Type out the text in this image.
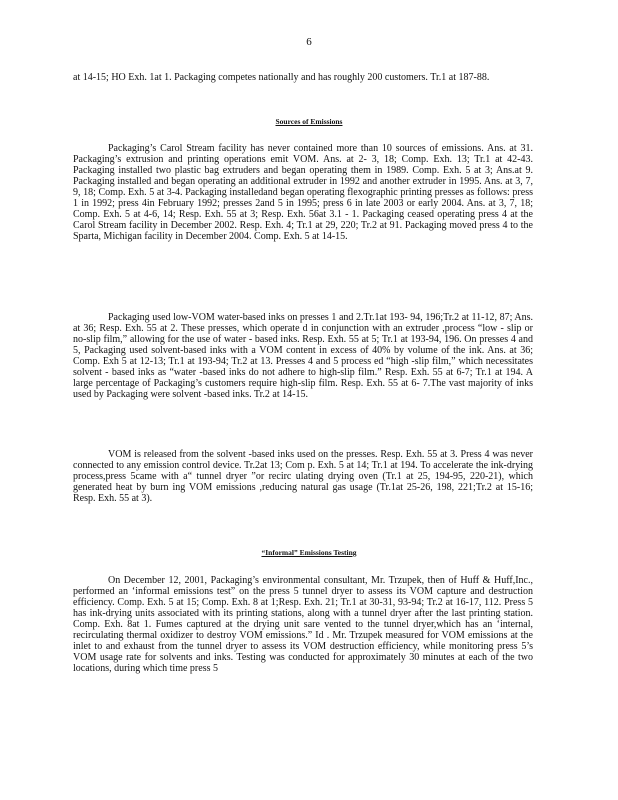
6

at 14-15; HO Exh. 1at 1. Packaging competes nationally and has roughly 200 customers. Tr.1 at 187-88.

Sources of Emissions

Packaging’s Carol Stream facility has never contained more than 10 sources of emissions. Ans. at 31. Packaging’s extrusion and printing operations emit VOM. Ans. at 2- 3, 18; Comp. Exh. 13; Tr.1 at 42-43. Packaging installed two plastic bag extruders and began operating them in 1989. Comp. Exh. 5 at 3; Ans.at 9. Packaging installed and began operating an additional extruder in 1992 and another extruder in 1995. Ans. at 3, 7, 9, 18; Comp. Exh. 5 at 3-4. Packaging installedand began operating flexographic printing presses as follows: press 1 in 1992; press 4in February 1992; presses 2and 5 in 1995; press 6 in late 2003 or early 2004. Ans. at 3, 7, 18; Comp. Exh. 5 at 4-6, 14; Resp. Exh. 55 at 3; Resp. Exh. 56at 3.1 - 1. Packaging ceased operating press 4 at the Carol Stream facility in December 2002. Resp. Exh. 4; Tr.1 at 29, 220; Tr.2 at 91. Packaging moved press 4 to the Sparta, Michigan facility in December 2004. Comp. Exh. 5 at 14-15.

Packaging used low-VOM water-based inks on presses 1 and 2.Tr.1at 193- 94, 196;Tr.2 at 11-12, 87; Ans. at 36; Resp. Exh. 55 at 2. These presses, which operate d in conjunction with an extruder ,process “low - slip or no-slip film,” allowing for the use of water - based inks. Resp. Exh. 55 at 5; Tr.1 at 193-94, 196. On presses 4 and 5, Packaging used solvent-based inks with a VOM content in excess of 40% by volume of the ink. Ans. at 36; Comp. Exh 5 at 12-13; Tr.1 at 193-94; Tr.2 at 13. Presses 4 and 5 process ed “high -slip film,” which necessitates solvent - based inks as “water -based inks do not adhere to high-slip film.” Resp. Exh. 55 at 6-7; Tr.1 at 194. A large percentage of Packaging’s customers require high-slip film. Resp. Exh. 55 at 6- 7.The vast majority of inks used by Packaging were solvent -based inks. Tr.2 at 14-15.

VOM is released from the solvent -based inks used on the presses. Resp. Exh. 55 at 3. Press 4 was never connected to any emission control device. Tr.2at 13; Com p. Exh. 5 at 14; Tr.1 at 194. To accelerate the ink-drying process,press 5came with a“ tunnel dryer ”or recirc ulating drying oven (Tr.1 at 25, 194-95, 220-21), which generated heat by burn ing VOM emissions ,reducing natural gas usage (Tr.1at 25-26, 198, 221;Tr.2 at 15-16; Resp. Exh. 55 at 3).

“Informal” Emissions Testing

On December 12, 2001, Packaging’s environmental consultant, Mr. Trzupek, then of Huff & Huff,Inc., performed an ‘informal emissions test” on the press 5 tunnel dryer to assess its VOM capture and destruction efficiency. Comp. Exh. 5 at 15; Comp. Exh. 8 at 1;Resp. Exh. 21; Tr.1 at 30-31, 93-94; Tr.2 at 16-17, 112. Press 5 has ink-drying units associated with its printing stations, along with a tunnel dryer after the last printing station. Comp. Exh. 8at 1. Fumes captured at the drying unit sare vented to the tunnel dryer,which has an ‘internal, recirculating thermal oxidizer to destroy VOM emissions.” Id . Mr. Trzupek measured for VOM emissions at the inlet to and exhaust from the tunnel dryer to assess its VOM destruction efficiency, while monitoring press 5’s VOM usage rate for solvents and inks. Testing was conducted for approximately 30 minutes at each of the two locations, during which time press 5
